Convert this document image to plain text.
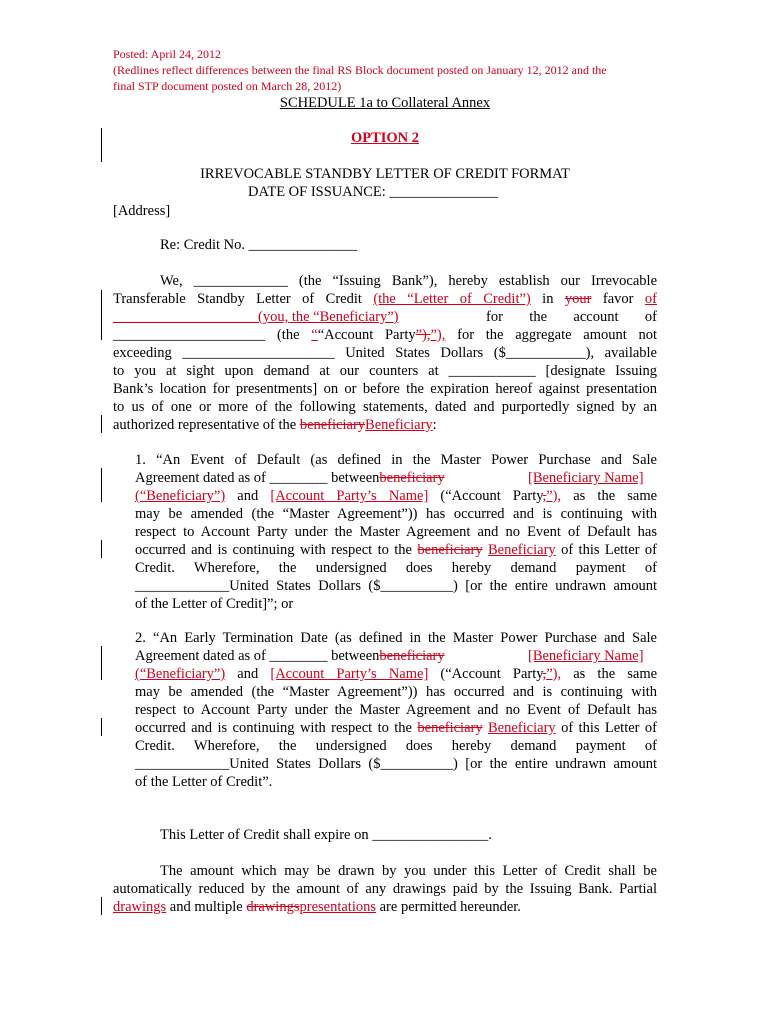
Posted: April 24, 2012
(Redlines reflect differences between the final RS Block document posted on January 12, 2012 and the
final STP document posted on March 28, 2012)
SCHEDULE 1a to Collateral Annex
OPTION 2
IRREVOCABLE STANDBY LETTER OF CREDIT FORMAT
DATE OF ISSUANCE: _______________
[Address]
Re: Credit No. _______________
We, _____________ (the “Issuing Bank”), hereby establish our Irrevocable
Transferable Standby Letter of Credit (the “Letter of Credit”) in your favor of
____________________(you, the “Beneficiary”)	for the account of
_____________________ (the ““Account Party”),”), for the aggregate amount not
exceeding _____________________ United States Dollars ($___________), available
to you at sight upon demand at our counters at ____________ [designate Issuing
Bank’s location for presentments] on or before the expiration hereof against presentation
to us of one or more of the following statements, dated and purportedly signed by an
authorized representative of the beneficiaryBeneficiary:
1. “An Event of Default (as defined in the Master Power Purchase and Sale
Agreement dated as of ________ betweenbeneficiary	[Beneficiary Name]
(“Beneficiary”) and [Account Party’s Name] (“Account Party,”), as the same
may be amended (the “Master Agreement”)) has occurred and is continuing with
respect to Account Party under the Master Agreement and no Event of Default has
occurred and is continuing with respect to the beneficiary Beneficiary of this Letter of
Credit. Wherefore, the undersigned does hereby demand payment of
_____________United States Dollars ($__________) [or the entire undrawn amount
of the Letter of Credit]”; or
2. “An Early Termination Date (as defined in the Master Power Purchase and Sale
Agreement dated as of ________ betweenbeneficiary	[Beneficiary Name]
(“Beneficiary”) and [Account Party’s Name] (“Account Party,”), as the same
may be amended (the “Master Agreement”)) has occurred and is continuing with
respect to Account Party under the Master Agreement and no Event of Default has
occurred and is continuing with respect to the beneficiary Beneficiary of this Letter of
Credit. Wherefore, the undersigned does hereby demand payment of
_____________United States Dollars ($__________) [or the entire undrawn amount
of the Letter of Credit”.
This Letter of Credit shall expire on ________________.
The amount which may be drawn by you under this Letter of Credit shall be
automatically reduced by the amount of any drawings paid by the Issuing Bank. Partial
drawings and multiple drawingspresentations are permitted hereunder.
